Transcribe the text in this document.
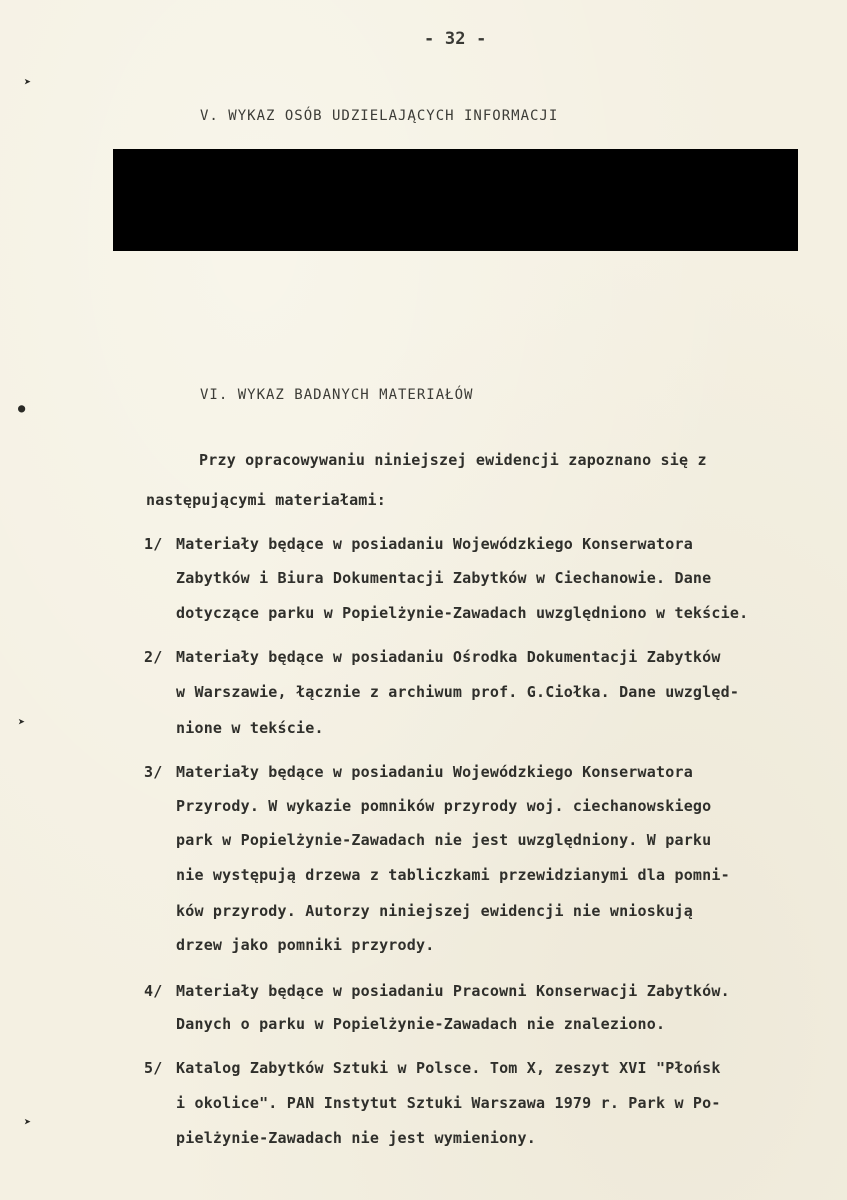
➤
●
➤
➤
- 32 -
V. WYKAZ OSÓB UDZIELAJĄCYCH INFORMACJI
VI. WYKAZ BADANYCH MATERIAŁÓW
Przy opracowywaniu niniejszej ewidencji zapoznano się z
następującymi materiałami:
1/ Materiały będące w posiadaniu Wojewódzkiego Konserwatora
Zabytków i Biura Dokumentacji Zabytków w Ciechanowie. Dane
dotyczące parku w Popielżynie-Zawadach uwzględniono w tekście.
2/ Materiały będące w posiadaniu Ośrodka Dokumentacji Zabytków
w Warszawie, łącznie z archiwum prof. G.Ciołka. Dane uwzględ-
nione w tekście.
3/ Materiały będące w posiadaniu Wojewódzkiego Konserwatora
Przyrody. W wykazie pomników przyrody woj. ciechanowskiego
park w Popielżynie-Zawadach nie jest uwzględniony. W parku
nie występują drzewa z tabliczkami przewidzianymi dla pomni-
ków przyrody. Autorzy niniejszej ewidencji nie wnioskują
drzew jako pomniki przyrody.
4/ Materiały będące w posiadaniu Pracowni Konserwacji Zabytków.
Danych o parku w Popielżynie-Zawadach nie znaleziono.
5/ Katalog Zabytków Sztuki w Polsce. Tom X, zeszyt XVI "Płońsk
i okolice". PAN Instytut Sztuki Warszawa 1979 r. Park w Po-
pielżynie-Zawadach nie jest wymieniony.
